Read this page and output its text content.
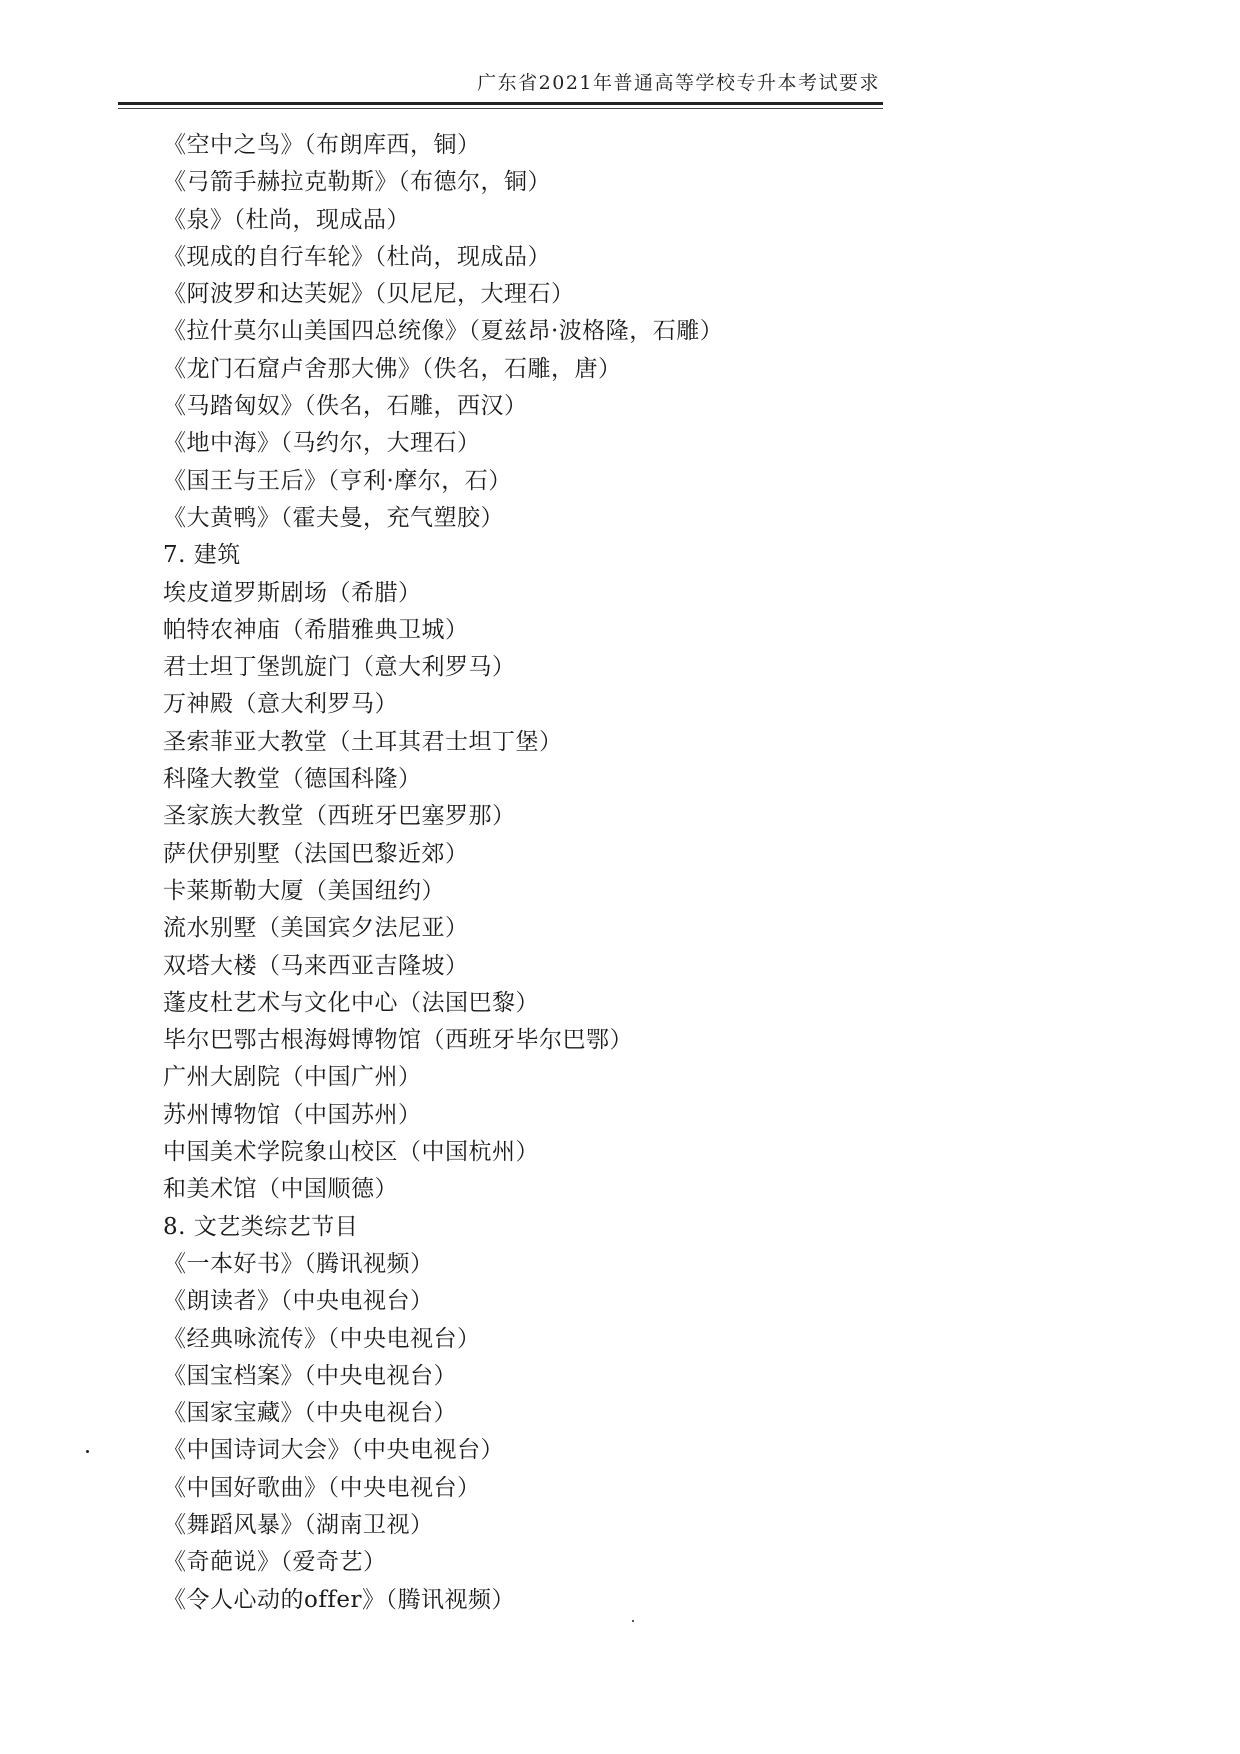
广东省2021年普通高等学校专升本考试要求
《空中之鸟》（布朗库西，铜）
《弓箭手赫拉克勒斯》（布德尔，铜）
《泉》（杜尚，现成品）
《现成的自行车轮》（杜尚，现成品）
《阿波罗和达芙妮》（贝尼尼，大理石）
《拉什莫尔山美国四总统像》（夏兹昂·波格隆，石雕）
《龙门石窟卢舍那大佛》（佚名，石雕，唐）
《马踏匈奴》（佚名，石雕，西汉）
《地中海》（马约尔，大理石）
《国王与王后》（亨利·摩尔，石）
《大黄鸭》（霍夫曼，充气塑胶）
7. 建筑
埃皮道罗斯剧场（希腊）
帕特农神庙（希腊雅典卫城）
君士坦丁堡凯旋门（意大利罗马）
万神殿（意大利罗马）
圣索菲亚大教堂（土耳其君士坦丁堡）
科隆大教堂（德国科隆）
圣家族大教堂（西班牙巴塞罗那）
萨伏伊别墅（法国巴黎近郊）
卡莱斯勒大厦（美国纽约）
流水别墅（美国宾夕法尼亚）
双塔大楼（马来西亚吉隆坡）
蓬皮杜艺术与文化中心（法国巴黎）
毕尔巴鄂古根海姆博物馆（西班牙毕尔巴鄂）
广州大剧院（中国广州）
苏州博物馆（中国苏州）
中国美术学院象山校区（中国杭州）
和美术馆（中国顺德）
8. 文艺类综艺节目
《一本好书》（腾讯视频）
《朗读者》（中央电视台）
《经典咏流传》（中央电视台）
《国宝档案》（中央电视台）
《国家宝藏》（中央电视台）
《中国诗词大会》（中央电视台）
《中国好歌曲》（中央电视台）
《舞蹈风暴》（湖南卫视）
《奇葩说》（爱奇艺）
《令人心动的offer》（腾讯视频）
